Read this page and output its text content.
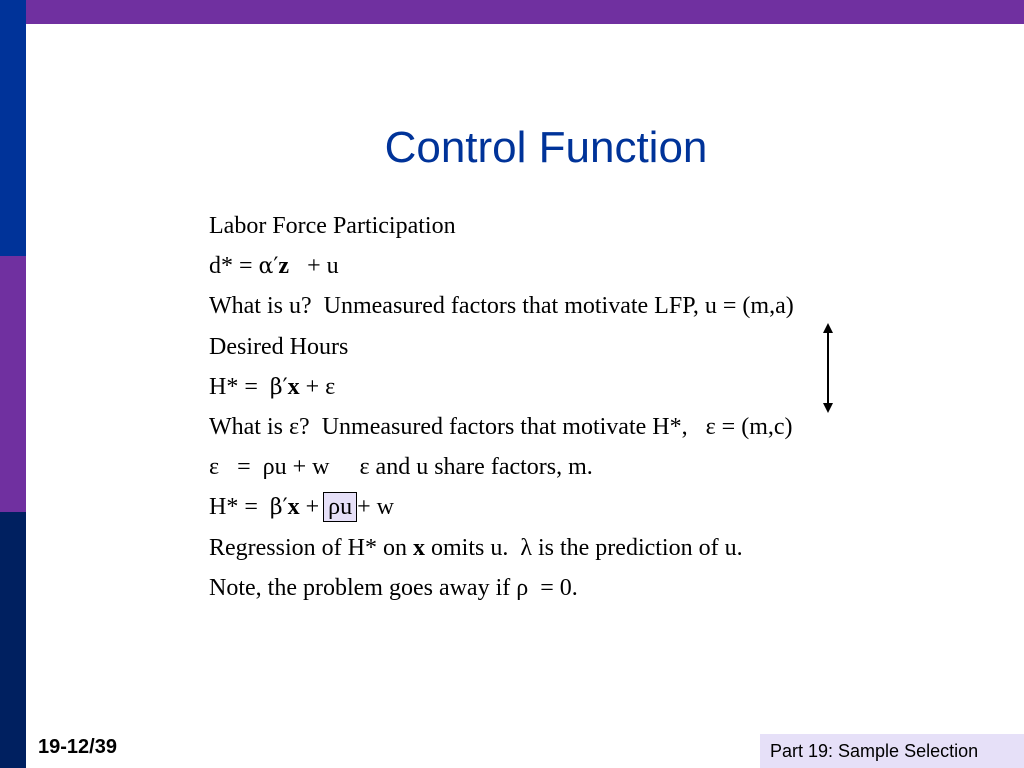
Control Function
Labor Force Participation
d* = α′z   + u
What is u?  Unmeasured factors that motivate LFP, u = (m,a)
Desired Hours
H* =  β′x + ε
What is ε?  Unmeasured factors that motivate H*,   ε = (m,c)
ε   =  ρu + w     ε and u share factors, m.
H* =  β′x + ρu + w
Regression of H* on x omits u.  λ is the prediction of u.
Note, the problem goes away if ρ  = 0.
19-12/39	Part 19: Sample Selection
